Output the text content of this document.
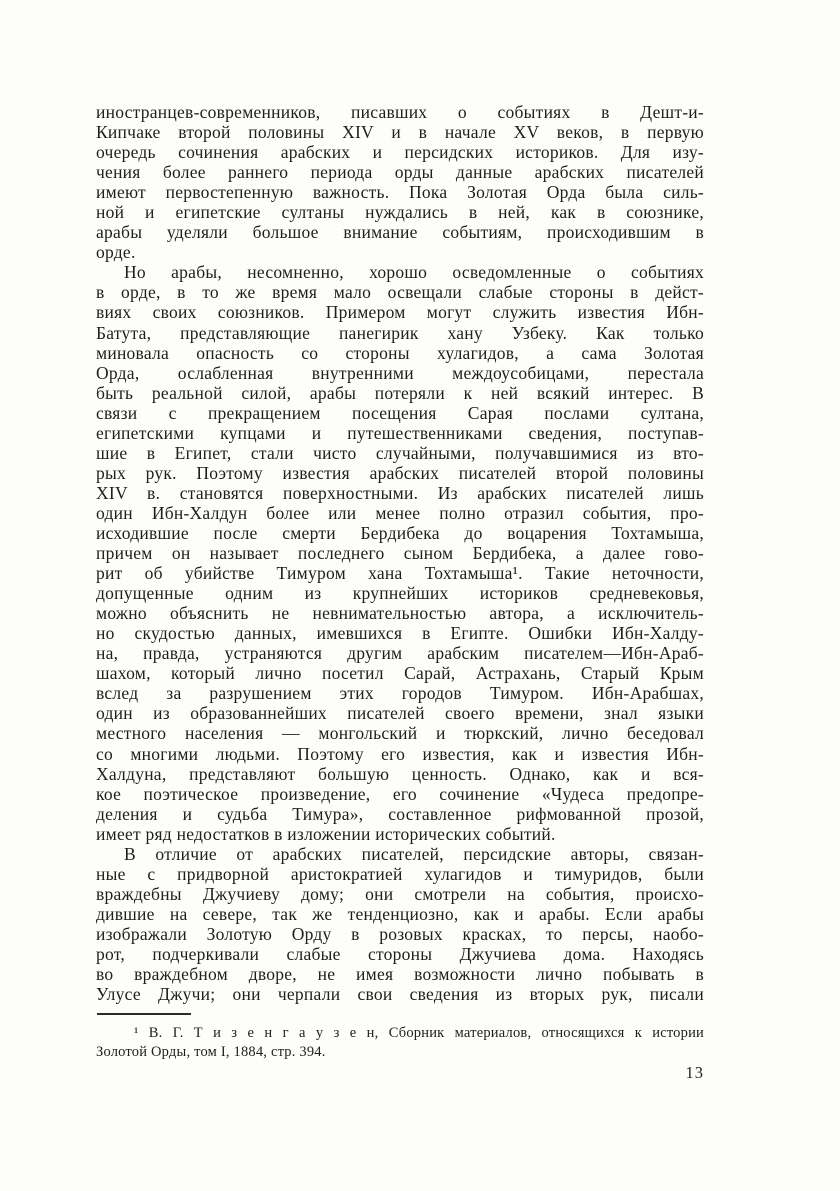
иностранцев-современников, писавших о событиях в Дешт-и-
Кипчаке второй половины XIV и в начале XV веков, в первую
очередь сочинения арабских и персидских историков. Для изу-
чения более раннего периода орды данные арабских писателей
имеют первостепенную важность. Пока Золотая Орда была силь-
ной и египетские султаны нуждались в ней, как в союзнике,
арабы уделяли большое внимание событиям, происходившим в
орде.
Но арабы, несомненно, хорошо осведомленные о событиях
в орде, в то же время мало освещали слабые стороны в дейст-
виях своих союзников. Примером могут служить известия Ибн-
Батута, представляющие панегирик хану Узбеку. Как только
миновала опасность со стороны хулагидов, а сама Золотая
Орда, ослабленная внутренними междоусобицами, перестала
быть реальной силой, арабы потеряли к ней всякий интерес. В
связи с прекращением посещения Сарая послами султана,
египетскими купцами и путешественниками сведения, поступав-
шие в Египет, стали чисто случайными, получавшимися из вто-
рых рук. Поэтому известия арабских писателей второй половины
XIV в. становятся поверхностными. Из арабских писателей лишь
один Ибн-Халдун более или менее полно отразил события, про-
исходившие после смерти Бердибека до воцарения Тохтамыша,
причем он называет последнего сыном Бердибека, а далее гово-
рит об убийстве Тимуром хана Тохтамыша¹. Такие неточности,
допущенные одним из крупнейших историков средневековья,
можно объяснить не невнимательностью автора, а исключитель-
но скудостью данных, имевшихся в Египте. Ошибки Ибн-Халду-
на, правда, устраняются другим арабским писателем—Ибн-Араб-
шахом, который лично посетил Сарай, Астрахань, Старый Крым
вслед за разрушением этих городов Тимуром. Ибн-Арабшах,
один из образованнейших писателей своего времени, знал языки
местного населения — монгольский и тюркский, лично беседовал
со многими людьми. Поэтому его известия, как и известия Ибн-
Халдуна, представляют большую ценность. Однако, как и вся-
кое поэтическое произведение, его сочинение «Чудеса предопре-
деления и судьба Тимура», составленное рифмованной прозой,
имеет ряд недостатков в изложении исторических событий.
В отличие от арабских писателей, персидские авторы, связан-
ные с придворной аристократией хулагидов и тимуридов, были
враждебны Джучиеву дому; они смотрели на события, происхо-
дившие на севере, так же тенденциозно, как и арабы. Если арабы
изображали Золотую Орду в розовых красках, то персы, наобо-
рот, подчеркивали слабые стороны Джучиева дома. Находясь
во враждебном дворе, не имея возможности лично побывать в
Улусе Джучи; они черпали свои сведения из вторых рук, писали
¹ В. Г. Т и з е н г а у з е н, Сборник материалов, относящихся к истории
Золотой Орды, том I, 1884, стр. 394.
13
